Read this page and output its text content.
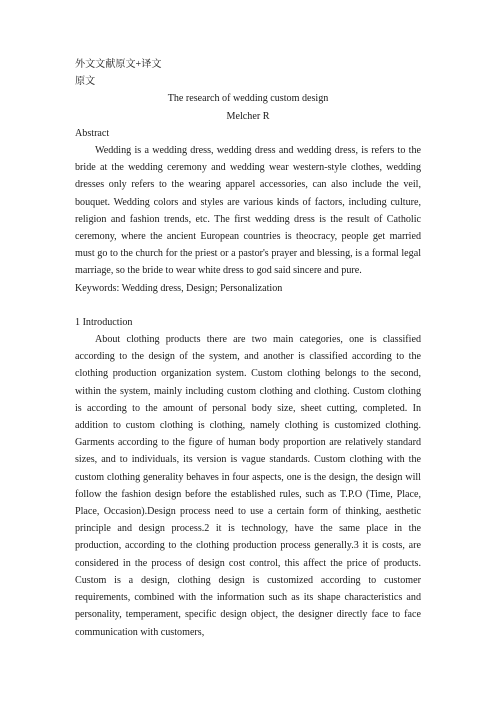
外文文献原文+译文

原文

The research of wedding custom design

Melcher R

Abstract

Wedding is a wedding dress, wedding dress and wedding dress, is refers to the bride at the wedding ceremony and wedding wear western-style clothes, wedding dresses only refers to the wearing apparel accessories, can also include the veil, bouquet. Wedding colors and styles are various kinds of factors, including culture, religion and fashion trends, etc. The first wedding dress is the result of Catholic ceremony, where the ancient European countries is theocracy, people get married must go to the church for the priest or a pastor's prayer and blessing, is a formal legal marriage, so the bride to wear white dress to god said sincere and pure.

Keywords: Wedding dress, Design; Personalization

1 Introduction

About clothing products there are two main categories, one is classified according to the design of the system, and another is classified according to the clothing production organization system. Custom clothing belongs to the second, within the system, mainly including custom clothing and clothing. Custom clothing is according to the amount of personal body size, sheet cutting, completed. In addition to custom clothing is clothing, namely clothing is customized clothing. Garments according to the figure of human body proportion are relatively standard sizes, and to individuals, its version is vague standards. Custom clothing with the custom clothing generality behaves in four aspects, one is the design, the design will follow the fashion design before the established rules, such as T.P.O (Time, Place, Place, Occasion).Design process need to use a certain form of thinking, aesthetic principle and design process.2 it is technology, have the same place in the production, according to the clothing production process generally.3 it is costs, are considered in the process of design cost control, this affect the price of products. Custom is a design, clothing design is customized according to customer requirements, combined with the information such as its shape characteristics and personality, temperament, specific design object, the designer directly face to face communication with customers,
